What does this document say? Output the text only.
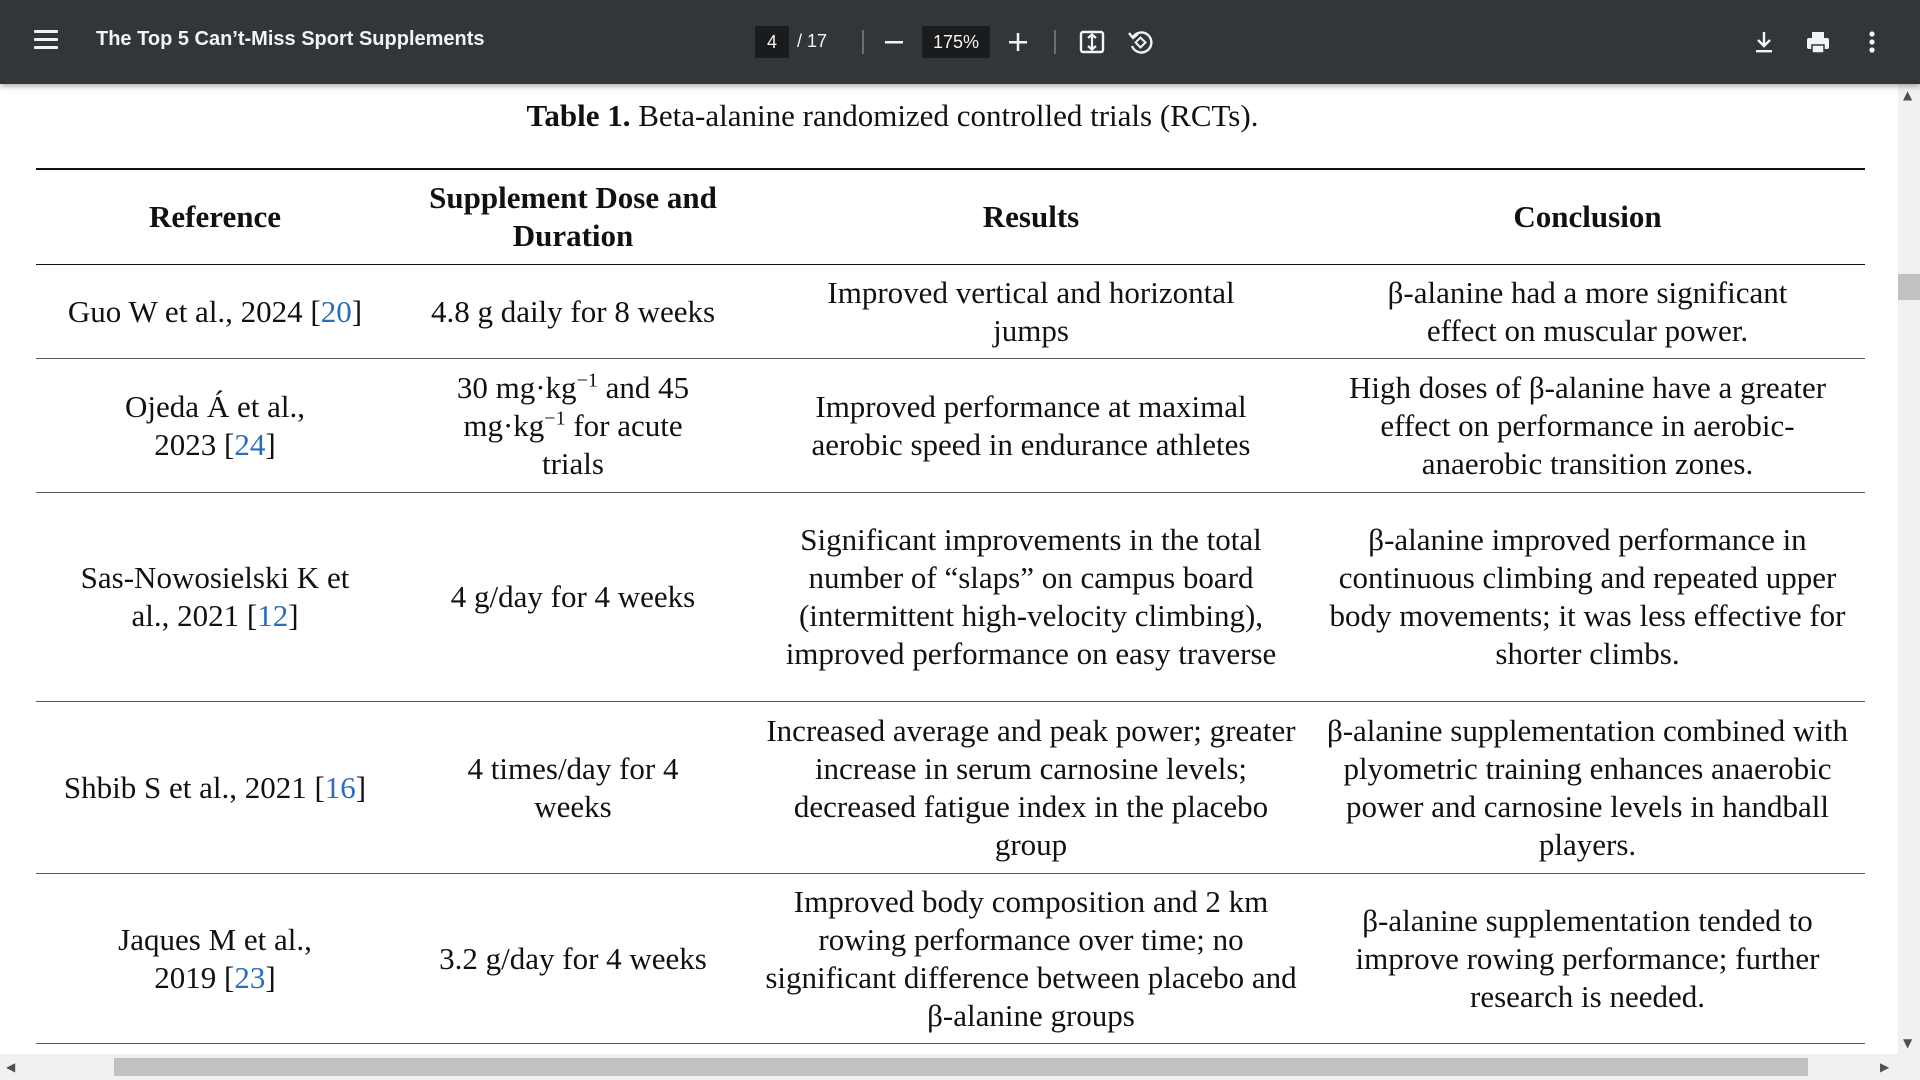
The Top 5 Can’t-Miss Sport Supplements
4	/ 17
175%
Table 1. Beta-alanine randomized controlled trials (RCTs).
Reference	Supplement Dose and Duration	Results	Conclusion
Guo W et al., 2024 [20]	4.8 g daily for 8 weeks	Improved vertical and horizontal jumps	β-alanine had a more significant effect on muscular power.
Ojeda Á et al., 2023 [24]	30 $mg\cdot kg^{-1}$ and 45 $mg\cdot kg^{-1}$ for acute trials	Improved performance at maximal aerobic speed in endurance athletes	High doses of β-alanine have a greater effect on performance in aerobic-anaerobic transition zones.
Sas-Nowosielski K et al., 2021 [12]	4 g/day for 4 weeks	Significant improvements in the total number of “slaps” on campus board (intermittent high-velocity climbing), improved performance on easy traverse	β-alanine improved performance in continuous climbing and repeated upper body movements; it was less effective for shorter climbs.
Shbib S et al., 2021 [16]	4 times/day for 4 weeks	Increased average and peak power; greater increase in serum carnosine levels; decreased fatigue index in the placebo group	β-alanine supplementation combined with plyometric training enhances anaerobic power and carnosine levels in handball players.
Jaques M et al., 2019 [23]	3.2 g/day for 4 weeks	Improved body composition and 2 km rowing performance over time; no significant difference between placebo and β-alanine groups	β-alanine supplementation tended to improve rowing performance; further research is needed.
▲
▼
◀	▶
